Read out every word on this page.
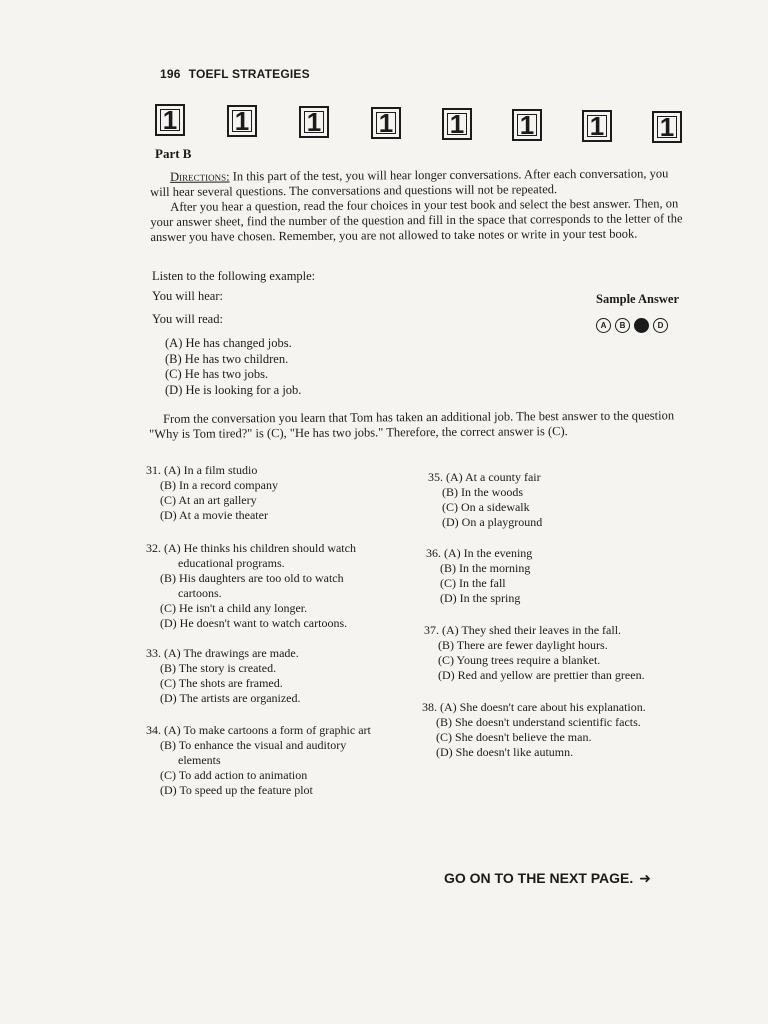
196 TOEFL STRATEGIES
1 1 1 1 1 1 1 1
Part B
Directions: In this part of the test, you will hear longer conversations. After each conversation, you will hear several questions. The conversations and questions will not be repeated.
After you hear a question, read the four choices in your test book and select the best answer. Then, on your answer sheet, find the number of the question and fill in the space that corresponds to the letter of the answer you have chosen. Remember, you are not allowed to take notes or write in your test book.
Listen to the following example:
You will hear:
You will read:
Sample Answer
A	B	C	D
(A) He has changed jobs.
(B) He has two children.
(C) He has two jobs.
(D) He is looking for a job.
From the conversation you learn that Tom has taken an additional job. The best answer to the question "Why is Tom tired?" is (C), "He has two jobs." Therefore, the correct answer is (C).
31. (A) In a film studio
(B) In a record company
(C) At an art gallery
(D) At a movie theater
32. (A) He thinks his children should watch
educational programs.
(B) His daughters are too old to watch
cartoons.
(C) He isn't a child any longer.
(D) He doesn't want to watch cartoons.
33. (A) The drawings are made.
(B) The story is created.
(C) The shots are framed.
(D) The artists are organized.
34. (A) To make cartoons a form of graphic art
(B) To enhance the visual and auditory
elements
(C) To add action to animation
(D) To speed up the feature plot
35. (A) At a county fair
(B) In the woods
(C) On a sidewalk
(D) On a playground
36. (A) In the evening
(B) In the morning
(C) In the fall
(D) In the spring
37. (A) They shed their leaves in the fall.
(B) There are fewer daylight hours.
(C) Young trees require a blanket.
(D) Red and yellow are prettier than green.
38. (A) She doesn't care about his explanation.
(B) She doesn't understand scientific facts.
(C) She doesn't believe the man.
(D) She doesn't like autumn.
GO ON TO THE NEXT PAGE. ➜
